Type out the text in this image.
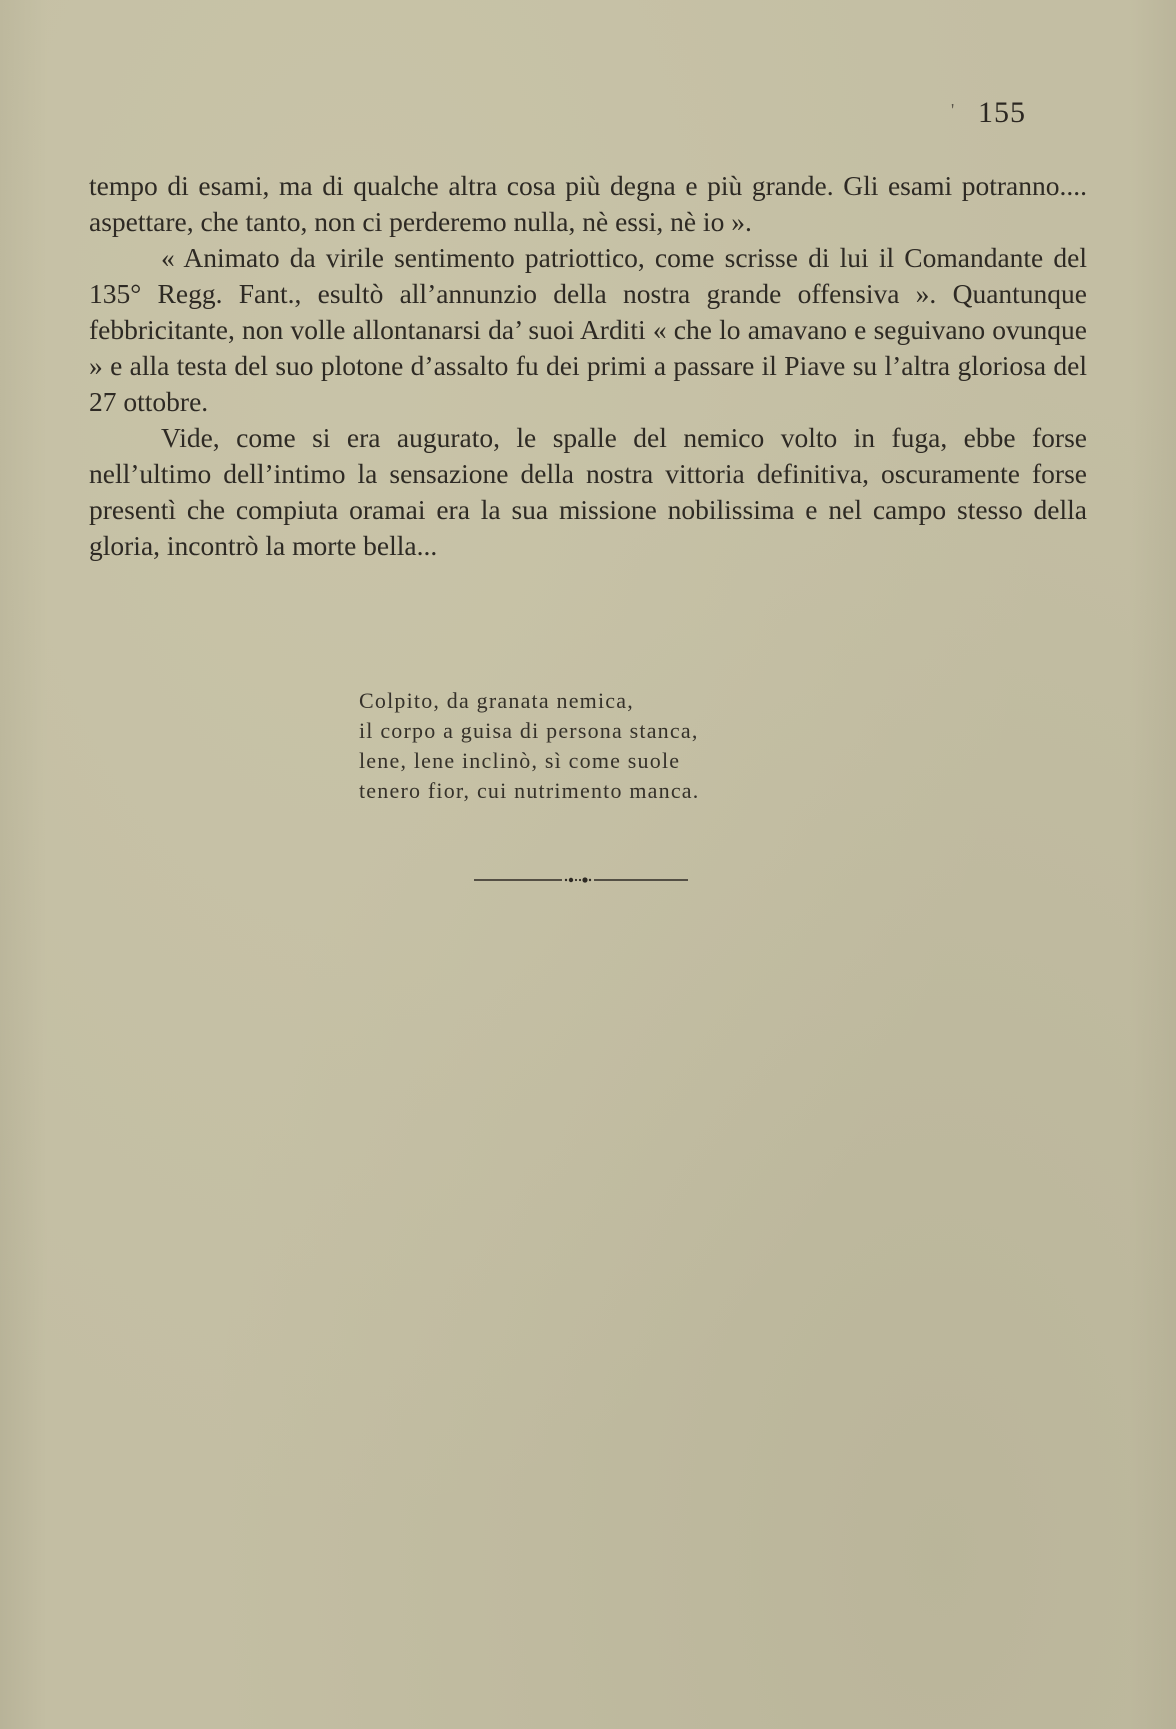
' 155

tempo di esami, ma di qualche altra cosa più degna e più grande. Gli esami potranno.... aspettare, che tanto, non ci perderemo nulla, nè essi, nè io ».

« Animato da virile sentimento patriottico, come scrisse di lui il Comandante del 135° Regg. Fant., esultò all’annunzio della nostra grande offensiva ». Quantunque febbricitante, non volle allontanarsi da’ suoi Arditi « che lo amavano e seguivano ovunque » e alla testa del suo plotone d’assalto fu dei primi a passare il Piave su l’altra gloriosa del 27 ottobre.

Vide, come si era augurato, le spalle del nemico volto in fuga, ebbe forse nell’ultimo dell’intimo la sensazione della nostra vittoria definitiva, oscuramente forse presentì che compiuta oramai era la sua missione nobilissima e nel campo stesso della gloria, incontrò la morte bella...

Colpito, da granata nemica,
il corpo a guisa di persona stanca,
lene, lene inclinò, sì come suole
tenero fior, cui nutrimento manca.
